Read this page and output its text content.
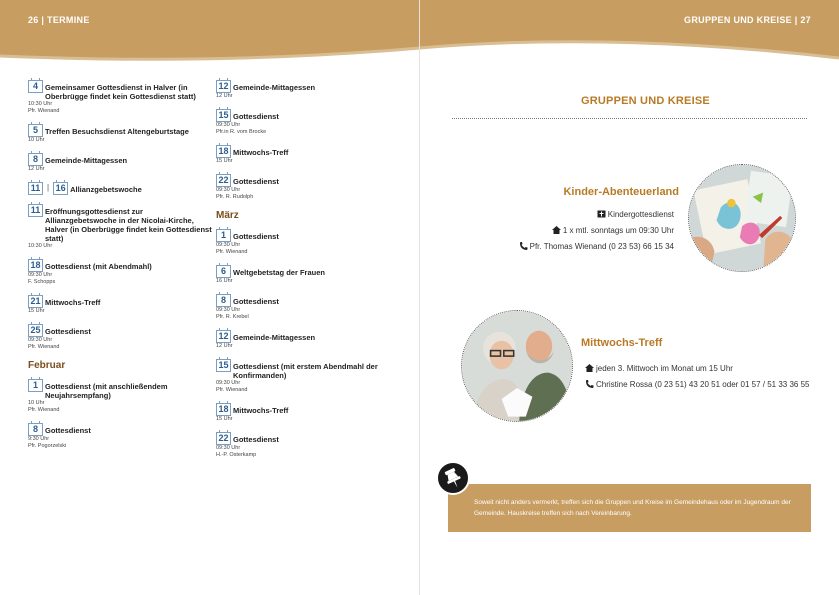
26 | TERMINE	GRUPPEN UND KREISE | 27
4 Gemeinsamer Gottesdienst in Halver (in Oberbrügge findet kein Gottesdienst statt)
10:30 Uhr
Pfr. Wienand
5 Treffen Besuchsdienst Altengeburtstage
10 Uhr
8 Gemeinde-Mittagessen
12 Uhr
11 | 16 Allianzgebetswoche
11 Eröffnungsgottesdienst zur Allianzgebetswoche in der Nicolai-Kirche, Halver (in Oberbrügge findet kein Gottesdienst statt)
10:30 Uhr
18 Gottesdienst (mit Abendmahl)
09:30 Uhr
F. Schopps
21 Mittwochs-Treff
15 Uhr
25 Gottesdienst
09:30 Uhr
Pfr. Wienand
Februar
1 Gottesdienst (mit anschließendem Neujahrsempfang)
10 Uhr
Pfr. Wienand
8 Gottesdienst
9:30 Uhr
Pfr. Pogorzelski
12 Gemeinde-Mittagessen
12 Uhr
15 Gottesdienst
09:30 Uhr
Pfr.in R. vom Brocke
18 Mittwochs-Treff
15 Uhr
22 Gottesdienst
09:30 Uhr
Pfr. R. Rudolph
März
1 Gottesdienst
09:30 Uhr
Pfr. Wienand
6 Weltgebetstag der Frauen
16 Uhr
8 Gottesdienst
09:30 Uhr
Pfr. R. Krebel
12 Gemeinde-Mittagessen
12 Uhr
15 Gottesdienst (mit erstem Abendmahl der Konfirmanden)
09:30 Uhr
Pfr. Wienand
18 Mittwochs-Treff
15 Uhr
22 Gottesdienst
09:30 Uhr
H.-P. Osterkamp
GRUPPEN UND KREISE
Kinder-Abenteuerland
Kindergottesdienst
1 x mtl. sonntags um 09:30 Uhr
Pfr. Thomas Wienand (0 23 53) 66 15 34
Mittwochs-Treff
jeden 3. Mittwoch im Monat um 15 Uhr
Christine Rossa (0 23 51) 43 20 51 oder 01 57 / 51 33 36 55
Soweit nicht anders vermerkt, treffen sich die Gruppen und Kreise im Gemeindehaus oder im Jugendraum der Gemeinde. Hauskreise treffen sich nach Vereinbarung.
